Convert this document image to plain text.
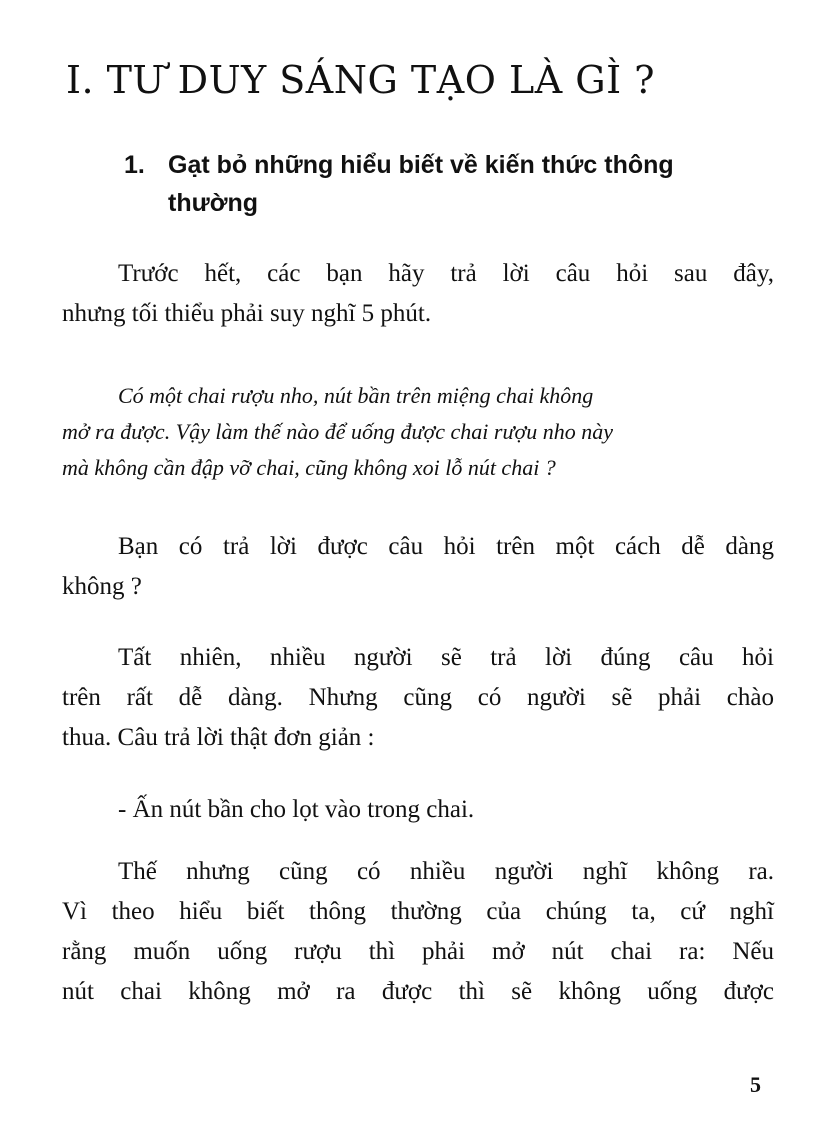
I. TƯ DUY SÁNG TẠO LÀ GÌ ?
1. Gạt bỏ những hiểu biết về kiến thức thông
thường
Trước hết, các bạn hãy trả lời câu hỏi sau đây,
nhưng tối thiểu phải suy nghĩ 5 phút.
Có một chai rượu nho, nút bần trên miệng chai không
mở ra được. Vậy làm thế nào để uống được chai rượu nho này
mà không cần đập vỡ chai, cũng không xoi lỗ nút chai ?
Bạn có trả lời được câu hỏi trên một cách dễ dàng
không ?
Tất nhiên, nhiều người sẽ trả lời đúng câu hỏi
trên rất dễ dàng. Nhưng cũng có người sẽ phải chào
thua. Câu trả lời thật đơn giản :
- Ấn nút bần cho lọt vào trong chai.
Thế nhưng cũng có nhiều người nghĩ không ra.
Vì theo hiểu biết thông thường của chúng ta, cứ nghĩ
rằng muốn uống rượu thì phải mở nút chai ra: Nếu
nút chai không mở ra được thì sẽ không uống được
5
